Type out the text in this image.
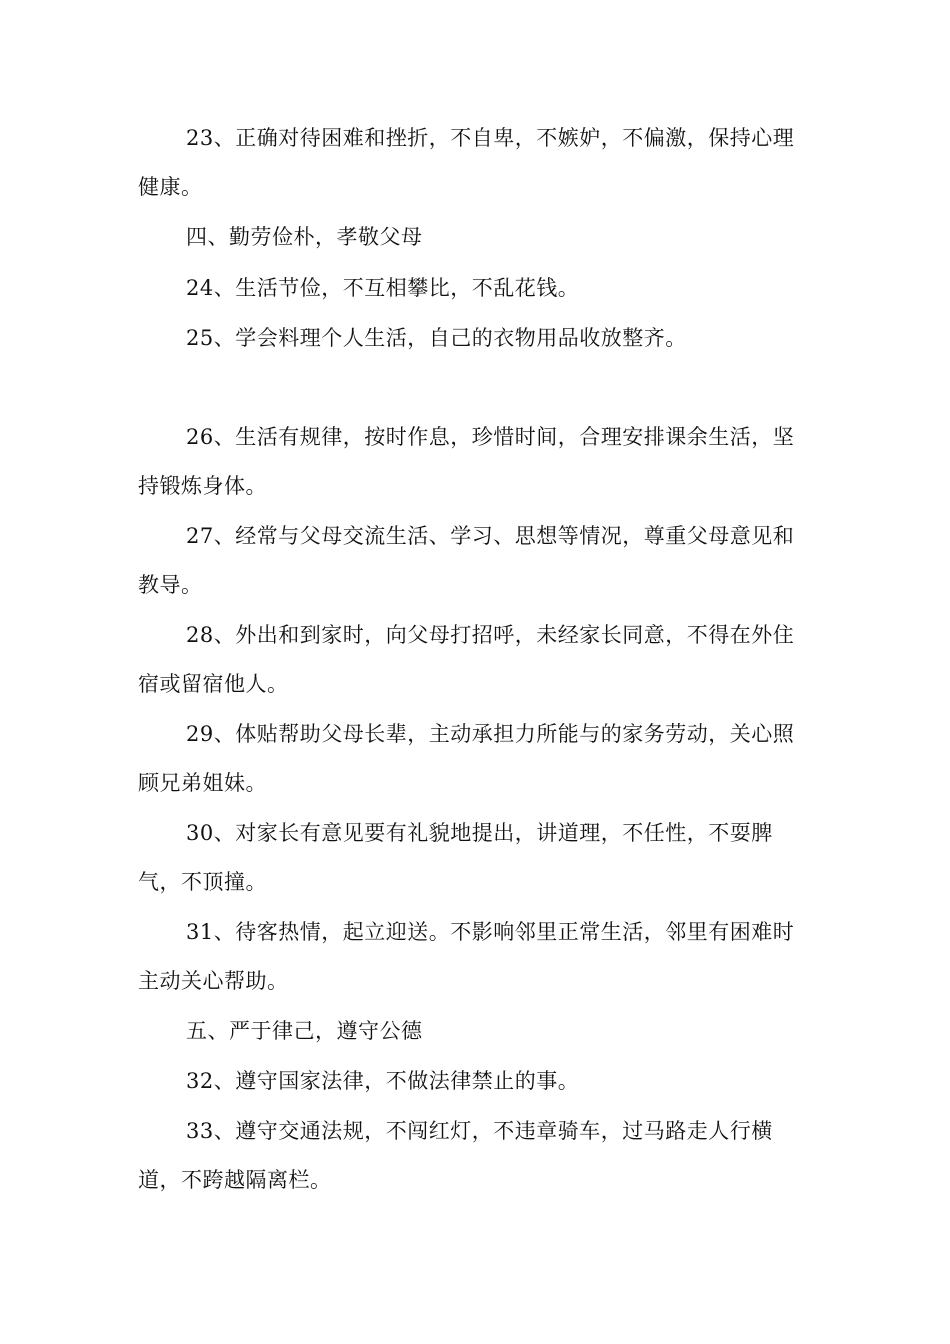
23、正确对待困难和挫折，不自卑，不嫉妒，不偏激，保持心理健康。

四、勤劳俭朴，孝敬父母

24、生活节俭，不互相攀比，不乱花钱。

25、学会料理个人生活，自己的衣物用品收放整齐。

26、生活有规律，按时作息，珍惜时间，合理安排课余生活，坚持锻炼身体。

27、经常与父母交流生活、学习、思想等情况，尊重父母意见和教导。

28、外出和到家时，向父母打招呼，未经家长同意，不得在外住宿或留宿他人。

29、体贴帮助父母长辈，主动承担力所能与的家务劳动，关心照顾兄弟姐妹。

30、对家长有意见要有礼貌地提出，讲道理，不任性，不耍脾气，不顶撞。

31、待客热情，起立迎送。不影响邻里正常生活，邻里有困难时主动关心帮助。

五、严于律己，遵守公德

32、遵守国家法律，不做法律禁止的事。

33、遵守交通法规，不闯红灯，不违章骑车，过马路走人行横道，不跨越隔离栏。
